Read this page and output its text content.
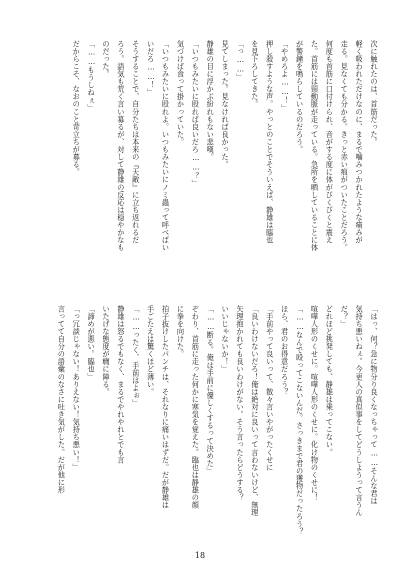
次に触れたのは、首筋だった。
軽く吸われただけなのに、まるで噛みつかれたような痛みが
走る。見なくても分かる。きっと赤い痕がついたことだろう。
何度も首筋に口付けられ、音がする度に体がびくびくと震え
た。首筋には頸動脈が走っている。急所を晒していることに体
が警鐘を鳴らしているのだろう。
「やめろよ……！」
押し殺すような声。やっとのことでそういえば、静雄は臨也
を見下ろしてきた。
「っ……」
見てしまった。見なければ良かった。
静雄の目に浮かぶ紛れもない悲嘆。
「いつもみたいに殴れば良いだろ……？」
気づけば食って掛かっていた。
「いつもみたいに殴れよ。いつもみたいにノミ蟲って呼べばい
いだろ……！」
そうすることで、自分たちは本来の『天敵』に立ち返れるだ
ろう。語気も荒く言い募るが、対して静雄の反応は穏やかなも
のだった。
「……もうしねぇ」
だからこそ、なおのこと苛立ちが募る。
「はっ、何？急に物分り良くなっちゃって……そんな君は
気持ち悪いねぇ。今更人の真似事をしてどうしようって言うん
だ？」
どれほど挑発しても、静雄は乗ってこない。
喧嘩人形のくせに。喧嘩人形のくせに。化け物のくせに！
「……なんで殴ってこないんだ。さっきまで君の獲物だったろう？
ほら、君のお得意だろう？
「手前やって良いって、散々言いやがったくせに
「良いわけないだろ！俺は絶対に良いって言わないけど、無理
矢理抱かれても良いわけがない。そう言ったらどうする？
いいじゃないか！」
「……断る。俺は手前に優しくするって決めた」
ぞわり、首筋に走った何かに寒気を覚えた。臨也は静雄の顔
に拳を向けた。
拍子抜けしたパンチは、それなりに痛いはずだ。だが静雄は
手ごたえは驚くほど薄い。
「……ったく、手前はよぉ」
静雄は怒るでもなく、まるでやれやれとでも言
いたげな態度が癇に障る。
「諦めが悪い。臨也」
「っ冗談じゃない！ありえない！気持ち悪い！」
言ってて自分の語彙のなさに吐き気がした。だが他に形
18
